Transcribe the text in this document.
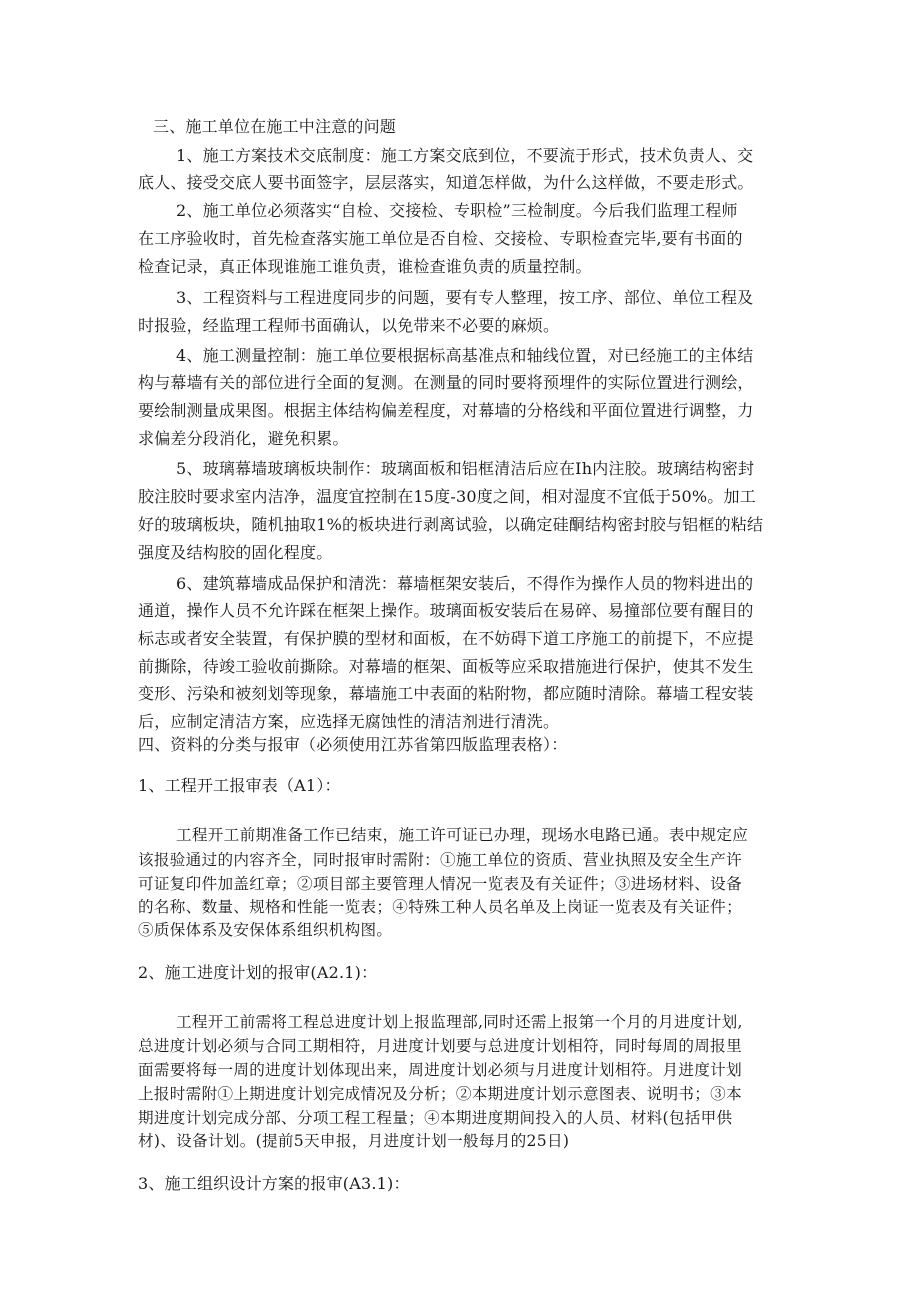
三、施工单位在施工中注意的问题
1、施工方案技术交底制度：施工方案交底到位，不要流于形式，技术负责人、交
底人、接受交底人要书面签字，层层落实，知道怎样做，为什么这样做，不要走形式。
2、施工单位必须落实“自检、交接检、专职检”三检制度。今后我们监理工程师
在工序验收时，首先检查落实施工单位是否自检、交接检、专职检查完毕,要有书面的
检查记录，真正体现谁施工谁负责，谁检查谁负责的质量控制。
3、工程资料与工程进度同步的问题，要有专人整理，按工序、部位、单位工程及
时报验，经监理工程师书面确认，以免带来不必要的麻烦。
4、施工测量控制：施工单位要根据标高基准点和轴线位置，对已经施工的主体结
构与幕墙有关的部位进行全面的复测。在测量的同时要将预埋件的实际位置进行测绘，
要绘制测量成果图。根据主体结构偏差程度，对幕墙的分格线和平面位置进行调整，力
求偏差分段消化，避免积累。
5、玻璃幕墙玻璃板块制作：玻璃面板和铝框清洁后应在Ih内注胶。玻璃结构密封
胶注胶时要求室内洁净，温度宜控制在15度-30度之间，相对湿度不宜低于50%。加工
好的玻璃板块，随机抽取1%的板块进行剥离试验，以确定硅酮结构密封胶与铝框的粘结
强度及结构胶的固化程度。
6、建筑幕墙成品保护和清洗：幕墙框架安装后，不得作为操作人员的物料进出的
通道，操作人员不允许踩在框架上操作。玻璃面板安装后在易碎、易撞部位要有醒目的
标志或者安全装置，有保护膜的型材和面板，在不妨碍下道工序施工的前提下，不应提
前撕除，待竣工验收前撕除。对幕墙的框架、面板等应采取措施进行保护，使其不发生
变形、污染和被刻划等现象，幕墙施工中表面的粘附物，都应随时清除。幕墙工程安装
后，应制定清洁方案，应选择无腐蚀性的清洁剂进行清洗。
四、资料的分类与报审（必须使用江苏省第四版监理表格）：
1、工程开工报审表（A1）：
工程开工前期准备工作已结束，施工许可证已办理，现场水电路已通。表中规定应
该报验通过的内容齐全，同时报审时需附：①施工单位的资质、营业执照及安全生产许
可证复印件加盖红章；②项目部主要管理人情况一览表及有关证件；③进场材料、设备
的名称、数量、规格和性能一览表；④特殊工种人员名单及上岗证一览表及有关证件；
⑤质保体系及安保体系组织机构图。
2、施工进度计划的报审(A2.1)：
工程开工前需将工程总进度计划上报监理部,同时还需上报第一个月的月进度计划,
总进度计划必须与合同工期相符，月进度计划要与总进度计划相符，同时每周的周报里
面需要将每一周的进度计划体现出来，周进度计划必须与月进度计划相符。月进度计划
上报时需附①上期进度计划完成情况及分析；②本期进度计划示意图表、说明书；③本
期进度计划完成分部、分项工程工程量；④本期进度期间投入的人员、材料(包括甲供
材)、设备计划。(提前5天申报，月进度计划一般每月的25日)
3、施工组织设计方案的报审(A3.1)：
